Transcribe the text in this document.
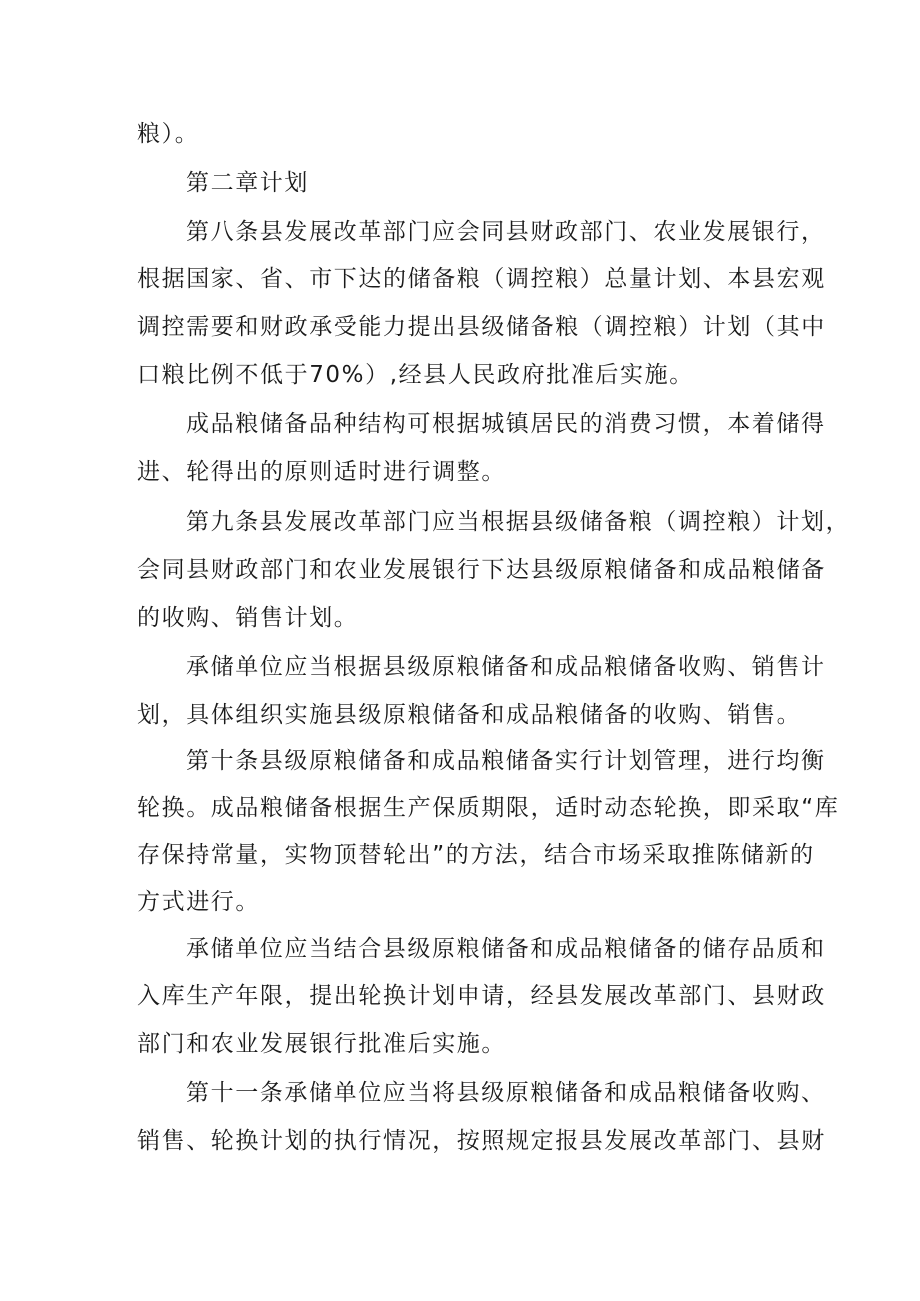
粮）。
第二章计划
第八条县发展改革部门应会同县财政部门、农业发展银行，
根据国家、省、市下达的储备粮（调控粮）总量计划、本县宏观
调控需要和财政承受能力提出县级储备粮（调控粮）计划（其中
口粮比例不低于70%）,经县人民政府批准后实施。
成品粮储备品种结构可根据城镇居民的消费习惯，本着储得
进、轮得出的原则适时进行调整。
第九条县发展改革部门应当根据县级储备粮（调控粮）计划，
会同县财政部门和农业发展银行下达县级原粮储备和成品粮储备
的收购、销售计划。
承储单位应当根据县级原粮储备和成品粮储备收购、销售计
划，具体组织实施县级原粮储备和成品粮储备的收购、销售。
第十条县级原粮储备和成品粮储备实行计划管理，进行均衡
轮换。成品粮储备根据生产保质期限，适时动态轮换，即采取“库
存保持常量，实物顶替轮出”的方法，结合市场采取推陈储新的
方式进行。
承储单位应当结合县级原粮储备和成品粮储备的储存品质和
入库生产年限，提出轮换计划申请，经县发展改革部门、县财政
部门和农业发展银行批准后实施。
第十一条承储单位应当将县级原粮储备和成品粮储备收购、
销售、轮换计划的执行情况，按照规定报县发展改革部门、县财
